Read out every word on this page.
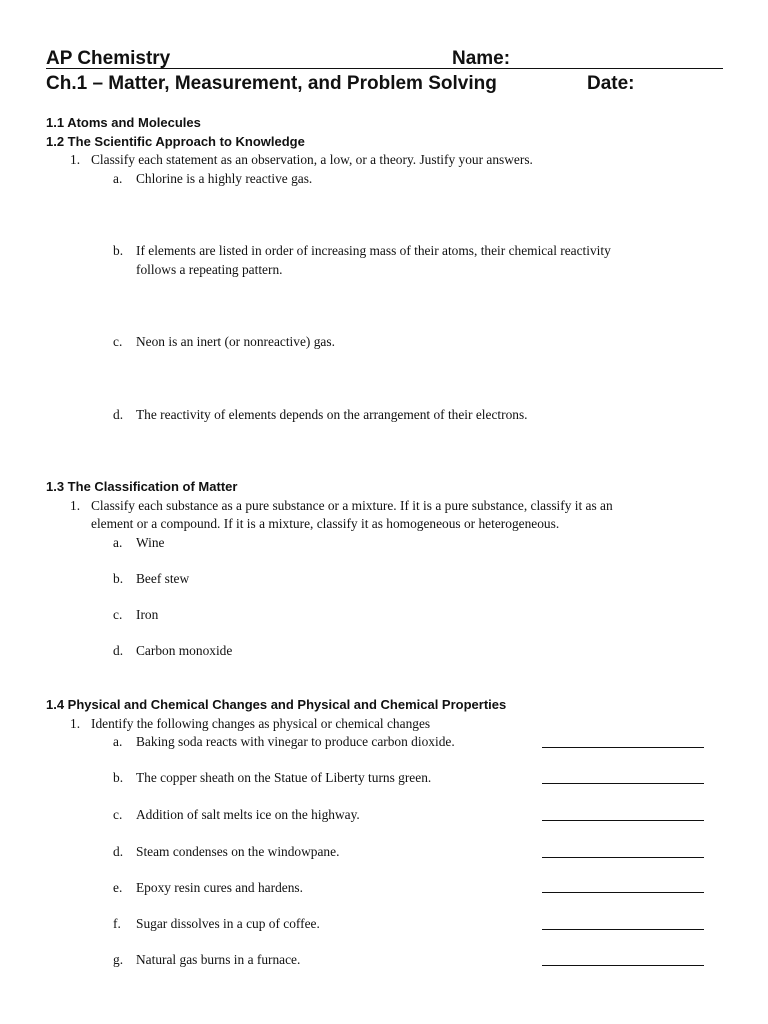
AP Chemistry	Name:
Ch.1 – Matter, Measurement, and Problem Solving	Date:
1.1 Atoms and Molecules
1.2 The Scientific Approach to Knowledge
1. Classify each statement as an observation, a low, or a theory. Justify your answers.
a. Chlorine is a highly reactive gas.
b. If elements are listed in order of increasing mass of their atoms, their chemical reactivity
follows a repeating pattern.
c. Neon is an inert (or nonreactive) gas.
d. The reactivity of elements depends on the arrangement of their electrons.
1.3 The Classification of Matter
1. Classify each substance as a pure substance or a mixture. If it is a pure substance, classify it as an
element or a compound. If it is a mixture, classify it as homogeneous or heterogeneous.
a. Wine
b. Beef stew
c. Iron
d. Carbon monoxide
1.4 Physical and Chemical Changes and Physical and Chemical Properties
1. Identify the following changes as physical or chemical changes
a. Baking soda reacts with vinegar to produce carbon dioxide.
b. The copper sheath on the Statue of Liberty turns green.
c. Addition of salt melts ice on the highway.
d. Steam condenses on the windowpane.
e. Epoxy resin cures and hardens.
f. Sugar dissolves in a cup of coffee.
g. Natural gas burns in a furnace.
